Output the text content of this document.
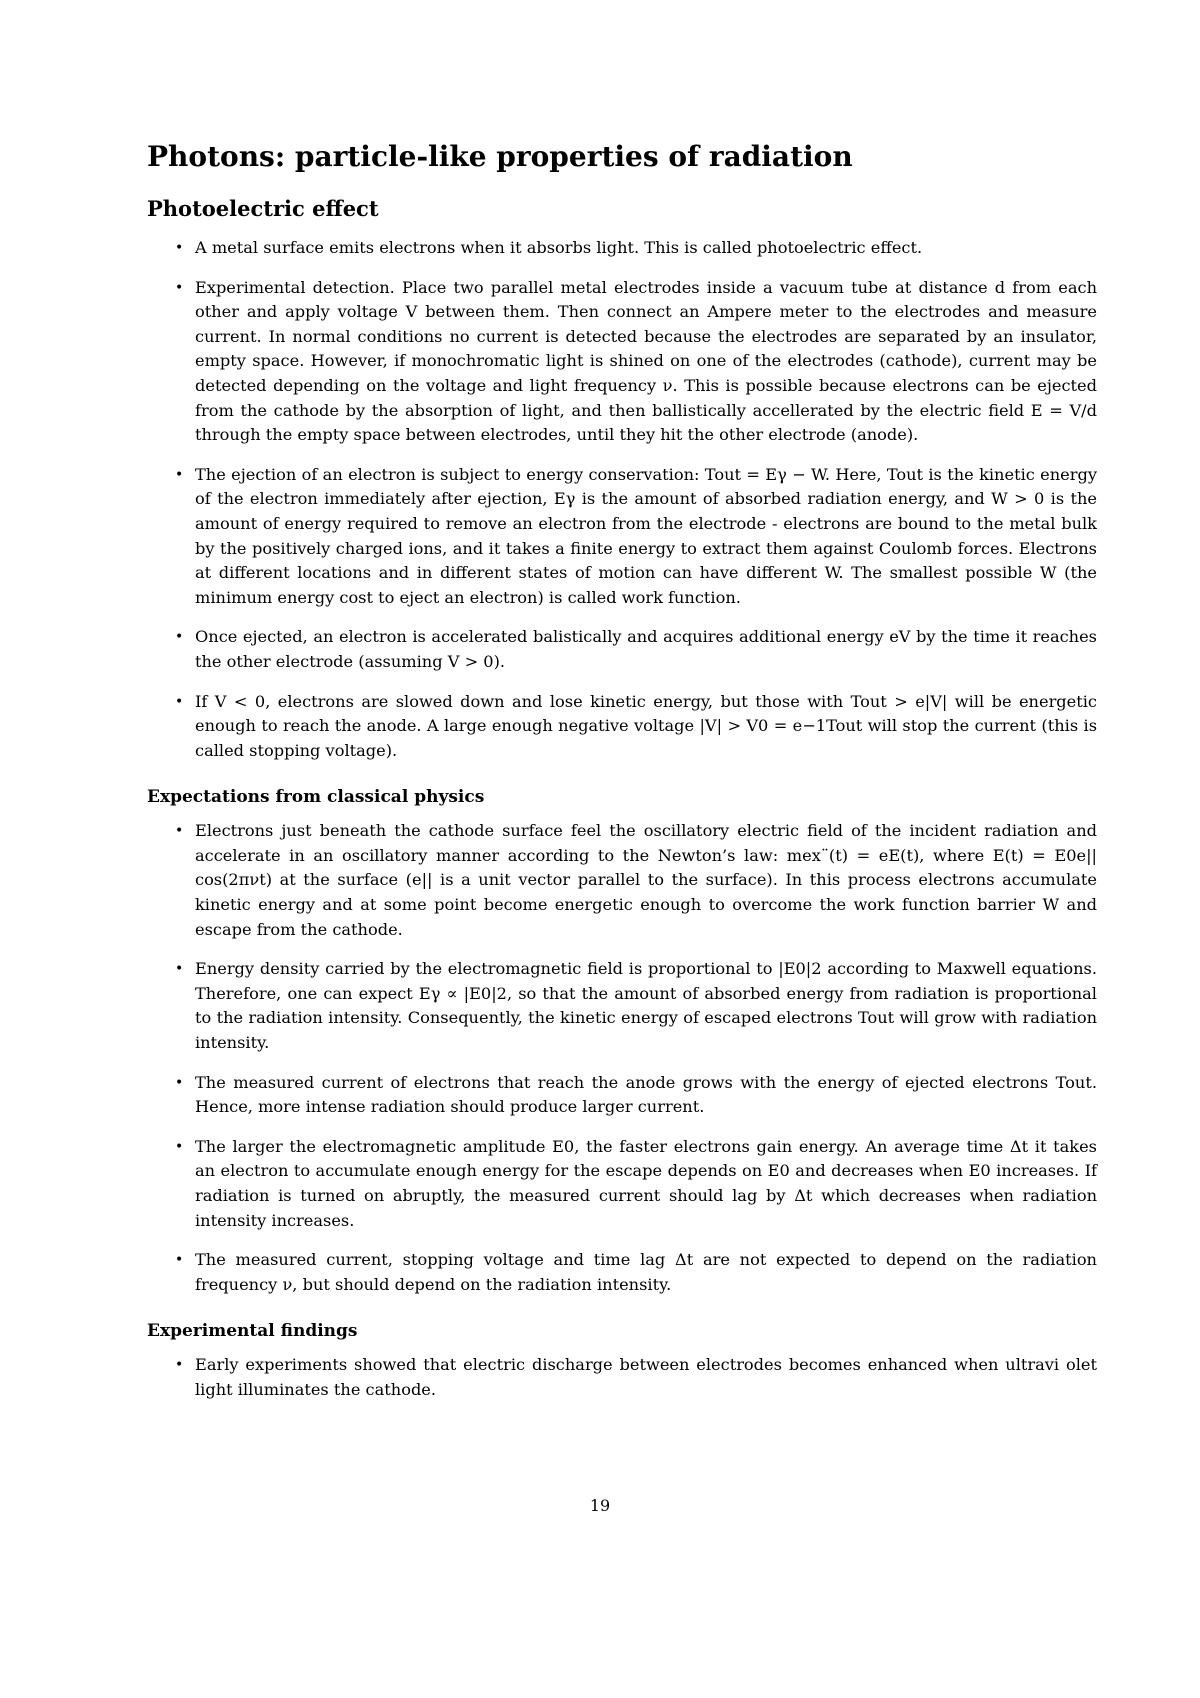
Photons: particle-like properties of radiation
Photoelectric effect
• A metal surface emits electrons when it absorbs light. This is called photoelectric effect.
• Experimental detection. Place two parallel metal electrodes inside a vacuum tube at distance d from each other and apply voltage V between them. Then connect an Ampere meter to the electrodes and measure current. In normal conditions no current is detected because the electrodes are separated by an insulator, empty space. However, if monochromatic light is shined on one of the electrodes (cathode), current may be detected depending on the voltage and light frequency ν. This is possible because electrons can be ejected from the cathode by the absorption of light, and then ballistically accellerated by the electric field E = V/d through the empty space between electrodes, until they hit the other electrode (anode).
• The ejection of an electron is subject to energy conservation: Tout = Eγ − W. Here, Tout is the kinetic energy of the electron immediately after ejection, Eγ is the amount of absorbed radiation energy, and W > 0 is the amount of energy required to remove an electron from the electrode - electrons are bound to the metal bulk by the positively charged ions, and it takes a finite energy to extract them against Coulomb forces. Electrons at different locations and in different states of motion can have different W. The smallest possible W (the minimum energy cost to eject an electron) is called work function.
• Once ejected, an electron is accelerated balistically and acquires additional energy eV by the time it reaches the other electrode (assuming V > 0).
• If V < 0, electrons are slowed down and lose kinetic energy, but those with Tout > e|V| will be energetic enough to reach the anode. A large enough negative voltage |V| > V0 = e−1Tout will stop the current (this is called stopping voltage).
Expectations from classical physics
• Electrons just beneath the cathode surface feel the oscillatory electric field of the incident radiation and accelerate in an oscillatory manner according to the Newton’s law: mex¨(t) = eE(t), where E(t) = E0e|| cos(2πνt) at the surface (e|| is a unit vector parallel to the surface). In this process electrons accumulate kinetic energy and at some point become energetic enough to overcome the work function barrier W and escape from the cathode.
• Energy density carried by the electromagnetic field is proportional to |E0|2 according to Maxwell equations. Therefore, one can expect Eγ ∝ |E0|2, so that the amount of absorbed energy from radiation is proportional to the radiation intensity. Consequently, the kinetic energy of escaped electrons Tout will grow with radiation intensity.
• The measured current of electrons that reach the anode grows with the energy of ejected electrons Tout. Hence, more intense radiation should produce larger current.
• The larger the electromagnetic amplitude E0, the faster electrons gain energy. An average time Δt it takes an electron to accumulate enough energy for the escape depends on E0 and decreases when E0 increases. If radiation is turned on abruptly, the measured current should lag by Δt which decreases when radiation intensity increases.
• The measured current, stopping voltage and time lag Δt are not expected to depend on the radiation frequency ν, but should depend on the radiation intensity.
Experimental findings
• Early experiments showed that electric discharge between electrodes becomes enhanced when ultravi olet light illuminates the cathode.
19
